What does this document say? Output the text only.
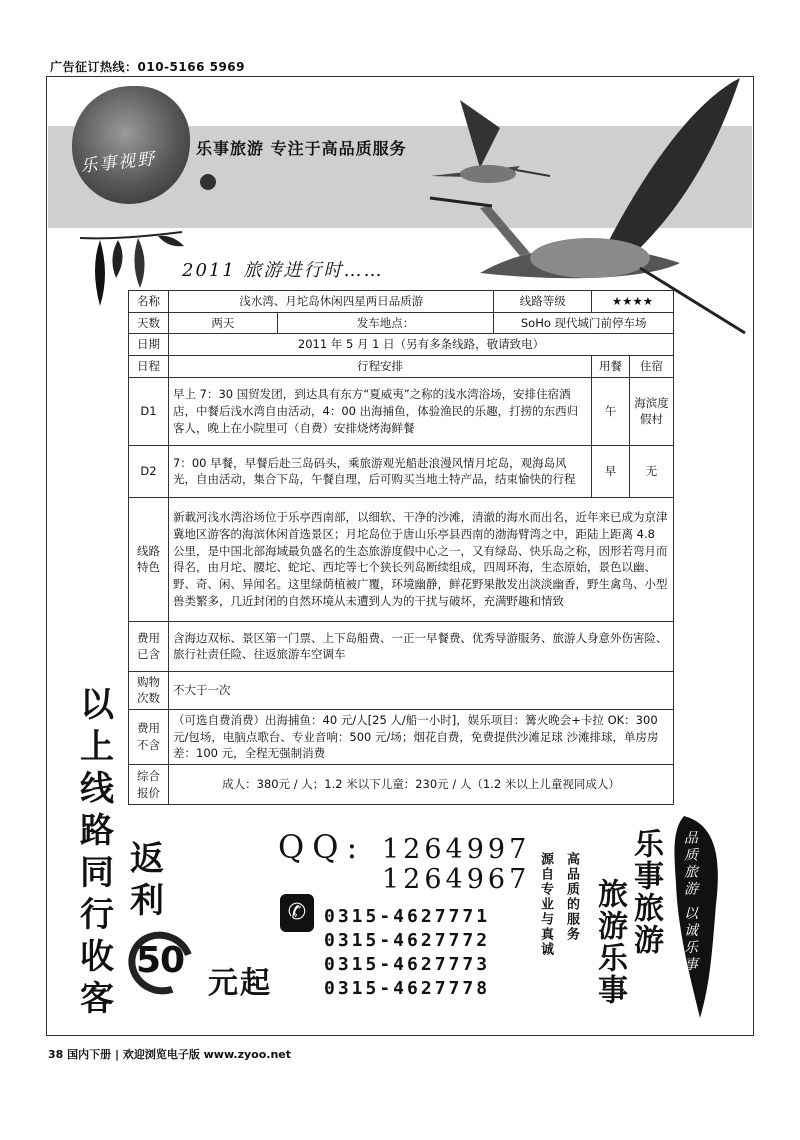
广告征订热线：010-5166 5969
乐事视野
乐事旅游 专注于高品质服务
2011 旅游进行时……
名称	浅水湾、月坨岛休闲四星两日品质游		线路等级	★★★★	
天数	两天	发车地点：	SoHo 现代城门前停车场		
日期	2011 年 5 月 1 日（另有多条线路，敬请致电）				
日程	行程安排			用餐	住宿
D1	早上 7：30 国贸发团，到达具有东方“夏威夷”之称的浅水湾浴场，安排住宿酒店，中餐后浅水湾自由活动，4：00 出海捕鱼，体验渔民的乐趣，打捞的东西归客人，晚上在小院里可（自费）安排烧烤海鲜餐			午	海滨度假村
D2	7：00 早餐，早餐后赴三岛码头，乘旅游观光船赴浪漫风情月坨岛，观海岛风光，自由活动，集合下岛，午餐自理，后可购买当地土特产品，结束愉快的行程			早	无
线路特色	新載河浅水湾浴场位于乐亭西南部，以细软、干净的沙滩，清澈的海水而出名，近年来已成为京津冀地区游客的海滨休闲首选景区；月坨岛位于唐山乐亭县西南的渤海臂湾之中，距陆上距离 4.8 公里，是中国北部海域最负盛名的生态旅游度假中心之一，又有绿岛、快乐岛之称，因形若弯月而得名，由月坨、腰坨、蛇坨、西坨等七个狭长列岛断续组成，四周环海，生态原始，景色以幽、野、奇、闲、异闻名。这里绿荫植被广覆，环境幽静，鲜花野果散发出淡淡幽香，野生禽鸟、小型兽类繁多，几近封闭的自然环境从未遭到人为的干扰与破坏，充满野趣和情致				
费用已含	含海边双标、景区第一门票、上下岛船费、一正一早餐费、优秀导游服务、旅游人身意外伤害险、旅行社责任险、往返旅游车空调车				
购物次数	不大于一次				
费用不含	（可选自费消费）出海捕鱼：40 元/人[25 人/船一小时]，娱乐项目：篝火晚会+卡拉 OK：300 元/包场，电脑点歌台、专业音响：500 元/场；烟花自费，免费提供沙滩足球 沙滩排球，单房房差：100 元，全程无强制消费				
综合报价	成人：380元 / 人；1.2 米以下儿童：230元 / 人（1.2 米以上儿童视同成人）				
以上线路同行收客
返利
50
元起
QQ: 1264997
1264967
✆ 0315-4627771
0315-4627772
0315-4627773
0315-4627778
源自专业与真诚 高品质的服务 旅游乐事 乐事旅游 品质旅游 以诚乐事
38 国内下册 | 欢迎浏览电子版 www.zyoo.net
